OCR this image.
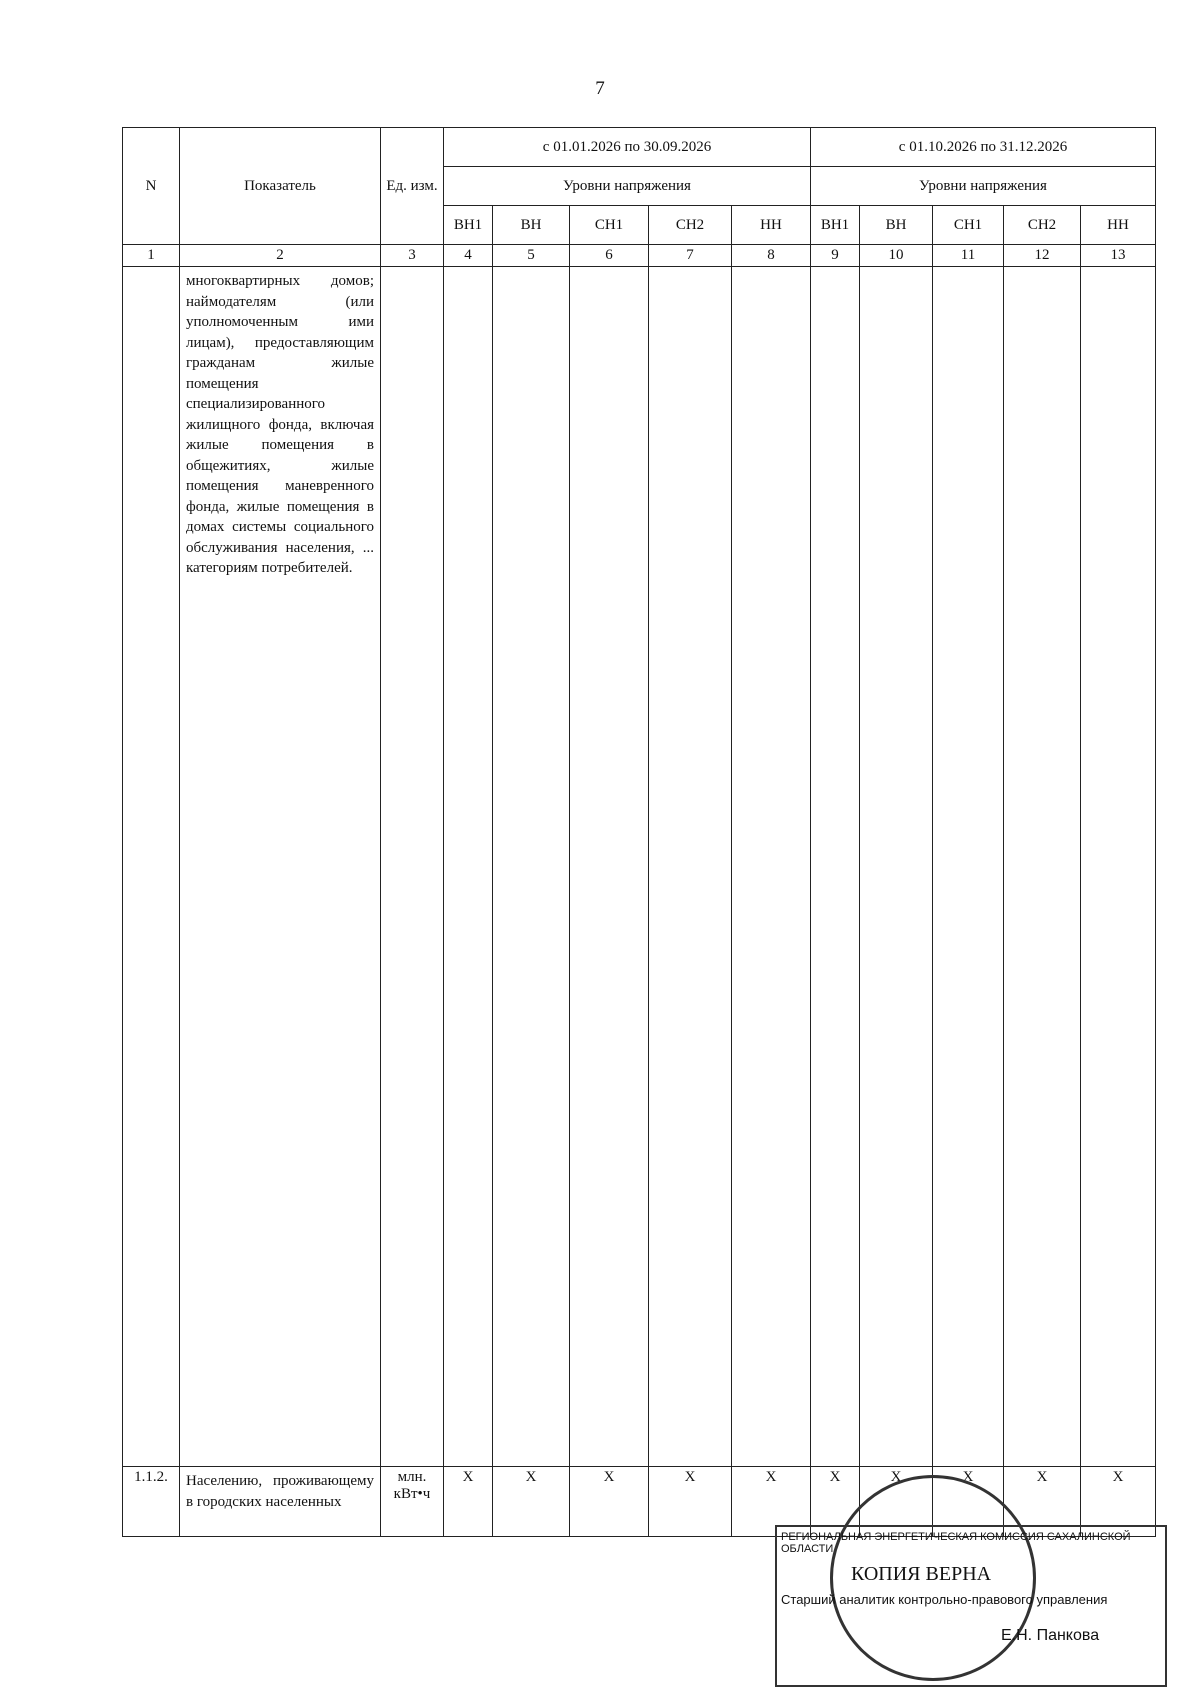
7
N	Показатель	Ед. изм.	с 01.01.2026 по 30.09.2026					с 01.10.2026 по 31.12.2026				
			Уровни напряжения					Уровни напряжения				
			ВН1	ВН	СН1	СН2	НН	ВН1	ВН	СН1	СН2	НН
1	2	3	4	5	6	7	8	9	10	11	12	13
	многоквартирных домов; наймодателям (или уполномоченным ими лицам), предоставляющим гражданам жилые помещения специализированного жилищного фонда, включая жилые помещения в общежитиях, жилые помещения маневренного фонда, жилые помещения в домах системы социального обслуживания населения, ... категориям потребителей.											
1.1.2.	Населению, проживающему в городских населенных	млн. кВт•ч	X	X	X	X	X	X	X	X	X	X
РЕГИОНАЛЬНАЯ ЭНЕРГЕТИЧЕСКАЯ КОМИССИЯ САХАЛИНСКОЙ ОБЛАСТИ
КОПИЯ ВЕРНА
Старший аналитик контрольно-правового управления
Е.Н. Панкова
